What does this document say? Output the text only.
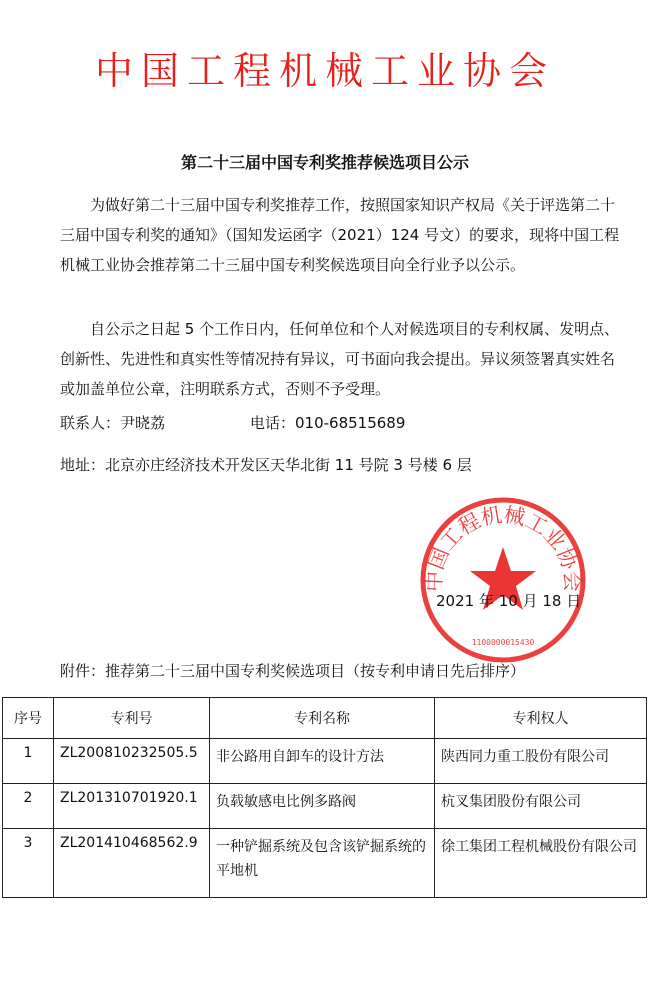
中国工程机械工业协会
第二十三届中国专利奖推荐候选项目公示

为做好第二十三届中国专利奖推荐工作，按照国家知识产权局《关于评选第二十三届中国专利奖的通知》（国知发运函字（2021）124 号文）的要求，现将中国工程机械工业协会推荐第二十三届中国专利奖候选项目向全行业予以公示。

自公示之日起 5 个工作日内，任何单位和个人对候选项目的专利权属、发明点、创新性、先进性和真实性等情况持有异议，可书面向我会提出。异议须签署真实姓名或加盖单位公章，注明联系方式，否则不予受理。

联系人：尹晓荔	电话：010-68515689
地址：北京亦庄经济技术开发区天华北街 11 号院 3 号楼 6 层
中国工程机械工业协会
1100000015430
2021 年 10 月 18 日
附件：推荐第二十三届中国专利奖候选项目（按专利申请日先后排序）
序号	专利号	专利名称	专利权人
1	ZL200810232505.5	非公路用自卸车的设计方法	陕西同力重工股份有限公司
2	ZL201310701920.1	负载敏感电比例多路阀	杭叉集团股份有限公司
3	ZL201410468562.9	一种铲掘系统及包含该铲掘系统的平地机	徐工集团工程机械股份有限公司
